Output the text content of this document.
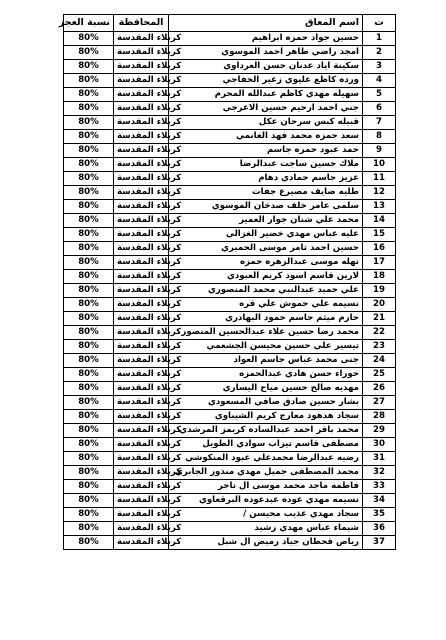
نسبة العجز	المحافظة	اسم المعاق	ت
80%	كربلاء المقدسة	حسين جواد حمزه ابراهيم	1
80%	كربلاء المقدسة	امجد راضي طاهر احمد الموسوي	2
80%	كربلاء المقدسة	سكينة اياد عدنان حسن العرداوي	3
80%	كربلاء المقدسة	ورده كاظع عليوي زغير الخفاجي	4
80%	كربلاء المقدسة	سهيله مهدي كاظم عبدالله المحرم	5
80%	كربلاء المقدسة	جني احمد ارحيم حسين الاعرجي	6
80%	كربلاء المقدسة	قبيله كبس سرحان عكل	7
80%	كربلاء المقدسة	سعد حمزه محمد فهد الغانمي	8
80%	كربلاء المقدسة	حمد عبود حمزه جاسم	9
80%	كربلاء المقدسة	ملاك حسين ساجت عبدالرضا	10
80%	كربلاء المقدسة	عزيز جاسم حمادي دهام	11
80%	كربلاء المقدسة	طليه ضايف مصيرع جفات	12
80%	كربلاء المقدسة	سلمى عامر خلف صدخان الموسوي	13
80%	كربلاء المقدسة	محمد علي شنان جوار العمير	14
80%	كربلاء المقدسة	عليه عباس مهدي خضير الغزالي	15
80%	كربلاء المقدسة	حسين احمد ثامر موسى الحميري	16
80%	كربلاء المقدسة	نهله موسى عبدالزهره حمزه	17
80%	كربلاء المقدسة	لارين قاسم اسود كريم العبودي	18
80%	كربلاء المقدسة	علي حميد عبدالنبي محمد المنصوري	19
80%	كربلاء المقدسة	نسيمه علي حموش علي قره	20
80%	كربلاء المقدسة	حازم ميثم جاسم حمود البهادري	21
80%	كربلاء المقدسة	محمد رضا حسين علاء عبدالحسين المنصور	22
80%	كربلاء المقدسة	تيسير علي حسين محيسن الجشعمي	23
80%	كربلاء المقدسة	جنى محمد عباس جاسم العواد	24
80%	كربلاء المقدسة	حوراء حسن هادي عبدالحمزه	25
80%	كربلاء المقدسة	مهديه صالح حسين مياح اليساري	26
80%	كربلاء المقدسة	بشار حسين صادق صافي المسعودي	27
80%	كربلاء المقدسة	سجاد هدهود معارج كريم الشيباوي	28
80%	كربلاء المقدسة	محمد باقر احمد عبدالساده كريمز المرشدي	29
80%	كربلاء المقدسة	مصطفى قاسم تيزاب سوادي الطويل	30
80%	كربلاء المقدسة	رضيه عبدالرضا محمدعلي عبود المنكوشي	31
80%	كربلاء المقدسة	محمد المصطفى جميل مهدي منذور الجابري	32
80%	كربلاء المقدسة	فاطمه ماجد محمد موسى ال تاجر	33
80%	كربلاء المقدسة	نسيمه مهدي عوده عبدعوده البرقعاوي	34
80%	كربلاء المقدسة	سجاد مهدي عذيب محيسن /	35
80%	كربلاء المقدسة	شيماء عباس مهدي رشيد	36
80%	كربلاء المقدسة	رياض قحطان جياد رميض ال شبل	37
